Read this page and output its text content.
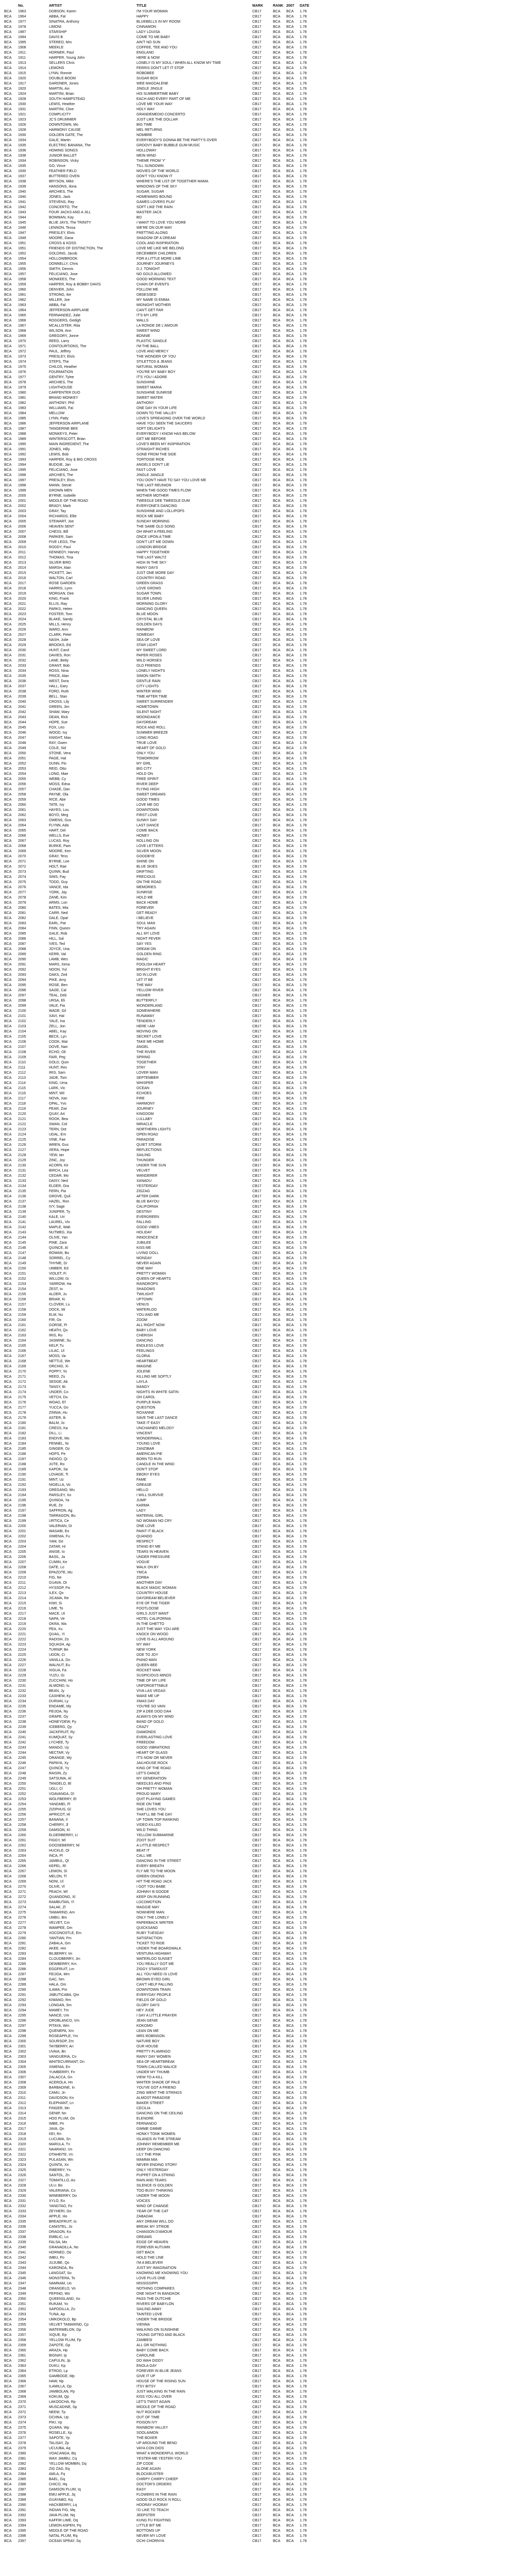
No.	ARTIST	TITLE	MARK	RANK 2007	DATE
BCA	1963	DOBSON, Karen	I'M YOUR WOMAN	CB17	BCA	BCA	1.78
BCA	1964	ABBA, Fal	HAPPY	CB17	BCA	BCA	1.78
BCA	1977	SINATRA, Anthony	BLUEBELLS IN MY ROOM	CB17	BCA	BCA	1.78
BCA	1978	LIMONI	CINNAMON	CB17	BCA	BCA	1.78
BCA	1987	STARSHIP	LADY LOUISA	CB17	BCA	BCA	1.78
BCA	1994	DAVIS B	COME TO ME BABY	CB17	BCA	BCA	1.78
BCA	1995	STEREO, Mrs	AIN'T NO SUN	CB17	BCA	BCA	1.78
BCA	1908	MEEKLE	COFFEE, TEE AND YOU	CB17	BCA	BCA	1.78
BCA	1911	HORNER, Paul	ENGLAND	CB17	BCA	BCA	1.78
BCA	1911	HARPER, Young John	HERE & NOW	CB17	BCA	BCA	1.78
BCA	1913	SELLERS Chris	LONELY IS MY SOUL / WHEN ALL KNOW MY TIME	CB17	BCA	BCA	1.78
BCA	1914	LEMONS	FERRIS DON'T LET IT STOP	CB17	BCA	BCA	1.78
BCA	1915	LYNN, Ronnie	ROBOBEE	CB17	BCA	BCA	1.78
BCA	1920	DOUBLE BOOM	SUGAR BOX	CB17	BCA	BCA	1.78
BCA	1917	GARDNER, Jones	WEE MAGDALENE	CB17	BCA	BCA	1.78
BCA	1920	MARTIN, Avi	JINGLE JINGLE	CB17	BCA	BCA	1.78
BCA	1924	MARTINI, Brian	HIS SUMMERTIME BABY	CB17	BCA	BCA	1.78
BCA	1928	SOUTH HAMPSTEAD	EACH AND EVERY PART OF ME	CB17	BCA	BCA	1.78
BCA	1930	LEWIS, Heather	LOVE ME YOUR WAY	CB17	BCA	BCA	1.78
BCA	1931	MARTINI, Clive	HOLY WAY	CB17	BCA	BCA	1.78
BCA	1921	COMPLICITY	GRANDEMEDIO CONCERTO	CB17	BCA	BCA	1.78
BCA	1923	JC'S DRUMMER	JUST LIKE THE DOLLAR	CB17	BCA	BCA	1.78
BCA	1926	DOWNTOWN, Mo	BIG TIME	CB17	BCA	BCA	1.78
BCA	1928	HARMONY CAUSE	MEL RETURNS	CB17	BCA	BCA	1.78
BCA	1930	GOLDEN GATE, The	NOMBRE	CB17	BCA	BCA	1.78
BCA	1934	GALE, Martin	EVERYBODY'S GONNA BE THE PARTY'S OVER	CB17	BCA	BCA	1.78
BCA	1935	ELECTRIC BANANA, The	GROOVY BABY BUBBLE GUM MUSIC	CB17	BCA	BCA	1.78
BCA	1936	HOMING SONGS	HOLLOWAY	CB17	BCA	BCA	1.78
BCA	1936	JUNIOR BALLET	MEIN WIND	CB17	BCA	BCA	1.78
BCA	1934	ROBINSON, Vicky	THEME FROM 'Y'	CB17	BCA	BCA	1.78
BCA	1935	GO, Vince	TILL SUNDOWN	CB17	BCA	BCA	1.78
BCA	1930	FEATHER FIELD	MOVIES OF THE WORLD	CB17	BCA	BCA	1.78
BCA	1937	BUTTERED OVEN	DON'T YOU KNOW IT	CB17	BCA	BCA	1.78
BCA	1938	BRYSON, Mike	WHERE'S THE LIST OF TOGETHER MAMA	CB17	BCA	BCA	1.78
BCA	1939	HANSONS, Ilona	WINDOWS OF THE SKY	CB17	BCA	BCA	1.78
BCA	1940	ARCHIES, The	SUGAR, SUGAR	CB17	BCA	BCA	1.78
BCA	1940	JONES, Jack	HOMEWARD BOUND	CB17	BCA	BCA	1.78
BCA	1941	STEVENS, Ray	GAMES LOVERS PLAY	CB17	BCA	BCA	1.78
BCA	1942	CONCERTO, The	SOFT LIKE THE RAIN	CB17	BCA	BCA	1.78
BCA	1943	FOUR JACKS AND A JILL	MASTER JACK	CB17	BCA	BCA	1.78
BCA	1944	BOWMAN, Kay	BO	CB17	BCA	BCA	1.78
BCA	1945	BLUE JAYS, The TRINITY	I WANT TO LOVE YOU MORE	CB17	BCA	BCA	1.78
BCA	1946	LENNON, Tessa	WE'RE ON OUR WAY	CB17	BCA	BCA	1.78
BCA	1947	PRESLEY, Elvis	FRETTING ALONG	CB17	BCA	BCA	1.78
BCA	1949	MOORE, Dana	SHADOW OF A DREAM	CB17	BCA	BCA	1.78
BCA	1951	CROSS & KOSS	COOL AND INSPIRATION	CB17	BCA	BCA	1.78
BCA	1951	FRIENDS OF DISTINCTION, The	LOVE ME LIKE WE BELONG	CB17	BCA	BCA	1.78
BCA	1952	GOLDING, Jacob	DECEMBER CHILDREN	CB17	BCA	BCA	1.78
BCA	1954	HOLLOWBROOK	FOR A LITTLE MORE LIME	CB17	BCA	BCA	1.78
BCA	1955	DONNELLY, Chris	JOURNEY JOURNEYS	CB17	BCA	BCA	1.78
BCA	1956	SMITH, Dennis	D.J. TONIGHT	CB17	BCA	BCA	1.78
BCA	1957	FELICIANO, Jose	NO GOLD ALLOWED	CB17	BCA	BCA	1.78
BCA	1958	MONKEES, The	GOOD MORNING TEXT	CB17	BCA	BCA	1.78
BCA	1959	HARPER, Roy & BOBBY DAVIS	CHAIN OF EVENTS	CB17	BCA	BCA	1.78
BCA	1960	DENVER, John	FOLLOW ME	CB17	BCA	BCA	1.78
BCA	1961	STRONG, Ike	OBSESSED	CB17	BCA	BCA	1.78
BCA	1962	MILLER, Joe	MY NAME IS EMMA	CB17	BCA	BCA	1.78
BCA	1963	ABBA, Fal	MIDNIGHT MOTHER	CB17	BCA	BCA	1.78
BCA	1964	JEFFERSON AIRPLANE	CAN'T GET FAR	CB17	BCA	BCA	1.78
BCA	1965	FERNANDEZ, Julie	IT'S MY LIFE	CB17	BCA	BCA	1.78
BCA	1966	ROGGERS, Gedigh	WALLS	CB17	BCA	BCA	1.78
BCA	1967	MCALLISTER, Rita	LA RONDE DE L'AMOUR	CB17	BCA	BCA	1.78
BCA	1968	WILSON, Ann	SWEET WIND	CB17	BCA	BCA	1.78
BCA	1969	GREGORY, Jonne	BONNIE	CB17	BCA	BCA	1.78
BCA	1970	REED, Larry	PLASTIC SANDLE	CB17	BCA	BCA	1.78
BCA	1971	CONTOURTIONS, The	I'M THE BALL	CB17	BCA	BCA	1.78
BCA	1972	PAUL, Jeffrey	LOVE AND MERCY	CB17	BCA	BCA	1.78
BCA	1973	PRESLEY, Elvis	THE WONDER OF YOU	CB17	BCA	BCA	1.78
BCA	1974	STEPS, The	STILETTOS & JEANS	CB17	BCA	BCA	1.78
BCA	1975	CHILDS, Heather	NATURAL WOMAN	CB17	BCA	BCA	1.78
BCA	1976	FOURMATION	YOU'RE MY BABY BOY	CB17	BCA	BCA	1.78
BCA	1977	GENTRY, Tylee	IT'S YOU I ADORE	CB17	BCA	BCA	1.78
BCA	1978	ARCHIES, The	SUNSHINE	CB17	BCA	BCA	1.78
BCA	1979	LIGHTHOUSE	SWEET MARIA	CB17	BCA	BCA	1.78
BCA	1980	CARPENTER DUO	SUNSHINE SUNRISE	CB17	BCA	BCA	1.78
BCA	1981	BRAND MONKEY	SWEET WATER	CB17	BCA	BCA	1.78
BCA	1982	ANTHONY, Phil	ANTHONY	CB17	BCA	BCA	1.78
BCA	1983	WILLIAMS, Fai	ONE DAY IN YOUR LIFE	CB17	BCA	BCA	1.78
BCA	1984	MELLOW	DOWN TO THE VALLEY	CB17	BCA	BCA	1.78
BCA	1985	LYNN, Patty	LOVE'S SPREADING OVER THE WORLD	CB17	BCA	BCA	1.78
BCA	1986	JEFFERSON AIRPLANE	HAVE YOU SEEN THE SAUCERS	CB17	BCA	BCA	1.78
BCA	1987	TANGERINE BEE	SOFT DELIGHTS	CB17	BCA	BCA	1.78
BCA	1988	MONKEYS, Peter	EVERYBODY I KNOW HAS BELOW	CB17	BCA	BCA	1.78
BCA	1989	WINTERSCOTT, Brian	GET ME BEFORE	CB17	BCA	BCA	1.78
BCA	1990	MAIN INGREDIENT, The	LOVE'S BEEN MY INSPIRATION	CB17	BCA	BCA	1.78
BCA	1991	JONES, Hilly	STRAIGHT RICHES	CB17	BCA	BCA	1.78
BCA	1992	LEWIS, Bob	GONE FROM THE SIDE	CB17	BCA	BCA	1.78
BCA	1993	HARPER, Roy & BIG CROSS	TORTOISE RIDE	CB17	BCA	BCA	1.78
BCA	1994	BUDGIE, Jan	ANGELS DON'T LIE	CB17	BCA	BCA	1.78
BCA	1995	FELICIANO, Jose	FAST LOVE	CB17	BCA	BCA	1.78
BCA	1996	ARCHIES, The	JINGLE JANGLE	CB17	BCA	BCA	1.78
BCA	1997	PRESLEY, Elvis	YOU DON'T HAVE TO SAY YOU LOVE ME	CB17	BCA	BCA	1.78
BCA	1998	MANN, Stevie	THE LAST REUNION	CB17	BCA	BCA	1.78
BCA	1999	GROWN MEN	WHEN THE GOOD TIMES FLOW	CB17	BCA	BCA	1.78
BCA	2000	BYRNE, Isobelle	MOTHER MOTHER	CB17	BCA	BCA	1.78
BCA	2001	MIDDLE OF THE ROAD	TWEEDLE DEE TWEEDLE DUM	CB17	BCA	BCA	1.78
BCA	2002	BRADY, Mark	EVERYONE'S DANCING	CB17	BCA	BCA	1.78
BCA	2003	GRAY, Tay	SUNSHINE AND LOLLIPOPS	CB17	BCA	BCA	1.78
BCA	2004	RICHARDS, Ellie	ROCK ME BABY	CB17	BCA	BCA	1.78
BCA	2005	STEWART, Joe	SUNDAY MORNING	CB17	BCA	BCA	1.78
BCA	2006	HEAVEN SENT	THE SAME OLD SONG	CB17	BCA	BCA	1.78
BCA	2007	CHESS, Bill	OH WHAT A FEELING	CB17	BCA	BCA	1.78
BCA	2008	PARKER, Sam	ONCE UPON A TIME	CB17	BCA	BCA	1.78
BCA	2009	FIVE LEGS, The	DON'T LET ME DOWN	CB17	BCA	BCA	1.78
BCA	2010	RODDY, Paul	LONDON BRIDGE	CB17	BCA	BCA	1.78
BCA	2011	KENNEDY, Harvey	HAPPY TOGETHER	CB17	BCA	BCA	1.78
BCA	2012	THOMAS, Tina	THE LAST WALTZ	CB17	BCA	BCA	1.78
BCA	2013	SILVER BIRD	HIGH IN THE SKY	CB17	BCA	BCA	1.78
BCA	2014	MARSH, Alan	RAINY DAYS	CB17	BCA	BCA	1.78
BCA	2015	PICKETT, Jan	JUST ONE MORE DAY	CB17	BCA	BCA	1.78
BCA	2016	WALTON, Carl	COUNTRY ROAD	CB17	BCA	BCA	1.78
BCA	2017	ROSE GARDEN	GREEN GRASS	CB17	BCA	BCA	1.78
BCA	2018	HARRIS, Lynn	LOVE GROWS	CB17	BCA	BCA	1.78
BCA	2019	MORGAN, Dee	SUGAR TOWN	CB17	BCA	BCA	1.78
BCA	2020	KING, Frank	SILVER LINING	CB17	BCA	BCA	1.78
BCA	2021	ELLIS, Ray	MORNING GLORY	CB17	BCA	BCA	1.78
BCA	2022	PARKS, Helen	DANCING QUEEN	CB17	BCA	BCA	1.78
BCA	2023	FOSTER, Tom	BLUE MOON	CB17	BCA	BCA	1.78
BCA	2024	BLAKE, Sandy	CRYSTAL BLUE	CB17	BCA	BCA	1.78
BCA	2025	MILLS, Henry	GOLDEN DAYS	CB17	BCA	BCA	1.78
BCA	2026	WARD, Ann	RAINBOW	CB17	BCA	BCA	1.78
BCA	2027	CLARK, Peter	SOMEDAY	CB17	BCA	BCA	1.78
BCA	2028	NASH, Julie	SEA OF LOVE	CB17	BCA	BCA	1.78
BCA	2029	BROOKS, Ed	STAR LIGHT	CB17	BCA	BCA	1.78
BCA	2030	HUNT, Carol	MY SWEET LORD	CB17	BCA	BCA	1.78
BCA	2031	DAVIES, Ron	PAPER ROSES	CB17	BCA	BCA	1.78
BCA	2032	LANE, Betty	WILD HORSES	CB17	BCA	BCA	1.78
BCA	2033	GRANT, Bob	OLD FRIENDS	CB17	BCA	BCA	1.78
BCA	2034	ROSS, Nina	LONELY NIGHTS	CB17	BCA	BCA	1.78
BCA	2035	PRICE, Alan	SIMON SMITH	CB17	BCA	BCA	1.78
BCA	2036	WEST, Dora	GENTLE RAIN	CB17	BCA	BCA	1.78
BCA	2037	HALL, Gary	CITY LIGHTS	CB17	BCA	BCA	1.78
BCA	2038	FORD, Ruth	WINTER WIND	CB17	BCA	BCA	1.78
BCA	2039	BELL, Stan	TIME AFTER TIME	CB17	BCA	BCA	1.78
BCA	2040	CROSS, Lily	SWEET SURRENDER	CB17	BCA	BCA	1.78
BCA	2041	GREEN, Jim	HOMETOWN	CB17	BCA	BCA	1.78
BCA	2042	SHAW, Mary	SILENT NIGHT	CB17	BCA	BCA	1.78
BCA	2043	DEAN, Rick	MOONDANCE	CB17	BCA	BCA	1.78
BCA	2044	HOPE, Sue	DAYDREAM	CB17	BCA	BCA	1.78
BCA	2045	FOX, Leo	ROCK AND ROLL	CB17	BCA	BCA	1.78
BCA	2046	WOOD, Ivy	SUMMER BREEZE	CB17	BCA	BCA	1.78
BCA	2047	KNIGHT, Max	LONG ROAD	CB17	BCA	BCA	1.78
BCA	2048	RAY, Gwen	TRUE LOVE	CB17	BCA	BCA	1.78
BCA	2049	COLE, Sid	HEART OF GOLD	CB17	BCA	BCA	1.78
BCA	2050	STONE, Vera	ONLY YOU	CB17	BCA	BCA	1.78
BCA	2051	PAGE, Hal	TOMORROW	CB17	BCA	BCA	1.78
BCA	2052	DUNN, Flo	MY GIRL	CB17	BCA	BCA	1.78
BCA	2053	REID, Otto	BIG CITY	CB17	BCA	BCA	1.78
BCA	2054	LONG, Mae	HOLD ON	CB17	BCA	BCA	1.78
BCA	2055	WEBB, Cy	FREE SPIRIT	CB17	BCA	BCA	1.78
BCA	2056	MOSS, Edna	RIVER DEEP	CB17	BCA	BCA	1.78
BCA	2057	CHASE, Dan	FLYING HIGH	CB17	BCA	BCA	1.78
BCA	2058	PAYNE, Ola	SWEET DREAMS	CB17	BCA	BCA	1.78
BCA	2059	RICE, Abe	GOOD TIMES	CB17	BCA	BCA	1.78
BCA	2060	TATE, Ivy	LOVE ME DO	CB17	BCA	BCA	1.78
BCA	2061	HAYES, Lou	DOWNTOWN	CB17	BCA	BCA	1.78
BCA	2062	BOYD, Meg	FIRST LOVE	CB17	BCA	BCA	1.78
BCA	2063	OWENS, Gus	SUNNY DAY	CB17	BCA	BCA	1.78
BCA	2064	FLYNN, Ada	LAST DANCE	CB17	BCA	BCA	1.78
BCA	2065	HART, Del	COME BACK	CB17	BCA	BCA	1.78
BCA	2066	WELLS, Eve	HONEY	CB17	BCA	BCA	1.78
BCA	2067	LUCAS, Roy	ROLLING ON	CB17	BCA	BCA	1.78
BCA	2068	BURKE, Pam	LOVE LETTERS	CB17	BCA	BCA	1.78
BCA	2069	MOORE, Ken	SILVER MOON	CB17	BCA	BCA	1.78
BCA	2070	GRAY, Tess	GOODBYE	CB17	BCA	BCA	1.78
BCA	2071	BYRNE, Lee	SHINE ON	CB17	BCA	BCA	1.78
BCA	2072	HOLT, Rae	BLUE SKIES	CB17	BCA	BCA	1.78
BCA	2073	QUINN, Bud	DRIFTING	CB17	BCA	BCA	1.78
BCA	2074	SIMS, Fay	PRECIOUS	CB17	BCA	BCA	1.78
BCA	2075	TODD, Guy	ON THE ROAD	CB17	BCA	BCA	1.78
BCA	2076	VANCE, Ida	MEMORIES	CB17	BCA	BCA	1.78
BCA	2077	YORK, Jay	SUNRISE	CB17	BCA	BCA	1.78
BCA	2078	ZANE, Kim	HOLD ME	CB17	BCA	BCA	1.78
BCA	2079	ARMS, Lon	BACK HOME	CB17	BCA	BCA	1.78
BCA	2080	BATES, Mia	FOREVER	CB17	BCA	BCA	1.78
BCA	2081	CARR, Ned	GET READY	CB17	BCA	BCA	1.78
BCA	2082	DALE, Opal	I BELIEVE	CB17	BCA	BCA	1.78
BCA	2083	EARL, Pat	SOUL MAN	CB17	BCA	BCA	1.78
BCA	2084	FINN, Queen	TRY AGAIN	CB17	BCA	BCA	1.78
BCA	2085	GALE, Rob	ALL MY LOVE	CB17	BCA	BCA	1.78
BCA	2086	HILL, Sal	NIGHT FEVER	CB17	BCA	BCA	1.78
BCA	2087	IVES, Ted	SAY YES	CB17	BCA	BCA	1.78
BCA	2088	JOYCE, Una	DREAM ON	CB17	BCA	BCA	1.78
BCA	2089	KERR, Val	GOLDEN RING	CB17	BCA	BCA	1.78
BCA	2090	LAMB, Wes	MAGIC	CB17	BCA	BCA	1.78
BCA	2091	MARS, Xena	FOOLISH HEART	CB17	BCA	BCA	1.78
BCA	2092	NOON, Yul	BRIGHT EYES	CB17	BCA	BCA	1.78
BCA	2093	OAKS, Zed	SO IN LOVE	CB17	BCA	BCA	1.78
BCA	2094	PIKE, Amy	LET IT BE	CB17	BCA	BCA	1.78
BCA	2095	ROSE, Ben	THE WAY	CB17	BCA	BCA	1.78
BCA	2096	SAGE, Cal	YELLOW RIVER	CB17	BCA	BCA	1.78
BCA	2097	TEAL, Deb	HIGHER	CB17	BCA	BCA	1.78
BCA	2098	URSA, Eli	BUTTERFLY	CB17	BCA	BCA	1.78
BCA	2099	VALE, Fia	WONDERLAND	CB17	BCA	BCA	1.78
BCA	2100	WADE, Gil	SOMEWHERE	CB17	BCA	BCA	1.78
BCA	2101	XAVI, Hal	RUNAWAY	CB17	BCA	BCA	1.78
BCA	2102	YALE, Ina	TENDERLY	CB17	BCA	BCA	1.78
BCA	2103	ZELL, Jon	HERE I AM	CB17	BCA	BCA	1.78
BCA	2104	ABEL, Kay	MOVING ON	CB17	BCA	BCA	1.78
BCA	2105	BECK, Lyn	SECRET LOVE	CB17	BCA	BCA	1.78
BCA	2106	COOK, Mat	TAKE ME HOME	CB17	BCA	BCA	1.78
BCA	2107	DOVE, Nan	ANGEL	CB17	BCA	BCA	1.78
BCA	2108	ECHO, Oli	THE RIVER	CB17	BCA	BCA	1.78
BCA	2109	FAIR, Peg	SPRING	CB17	BCA	BCA	1.78
BCA	2110	GOLD, Quin	TOGETHER	CB17	BCA	BCA	1.78
BCA	2111	HUNT, Rex	STAY	CB17	BCA	BCA	1.78
BCA	2112	IRIS, Sam	LOVER MAN	CB17	BCA	BCA	1.78
BCA	2113	JADE, Tom	SEPTEMBER	CB17	BCA	BCA	1.78
BCA	2114	KING, Uma	WHISPER	CB17	BCA	BCA	1.78
BCA	2115	LARK, Vic	OCEAN	CB17	BCA	BCA	1.78
BCA	2116	MINT, Wil	ECHOES	CB17	BCA	BCA	1.78
BCA	2117	NOVA, Xan	FIRE	CB17	BCA	BCA	1.78
BCA	2118	OPAL, Yvo	HARMONY	CB17	BCA	BCA	1.78
BCA	2119	PEAR, Zoe	JOURNEY	CB17	BCA	BCA	1.78
BCA	2120	QUAY, Art	KINGDOM	CB17	BCA	BCA	1.78
BCA	2121	ROOK, Bea	LULLABY	CB17	BCA	BCA	1.78
BCA	2122	SWAN, Cid	MIRACLE	CB17	BCA	BCA	1.78
BCA	2123	TERN, Dot	NORTHERN LIGHTS	CB17	BCA	BCA	1.78
BCA	2124	UDAL, Ern	OPEN ROAD	CB17	BCA	BCA	1.78
BCA	2125	VINE, Fae	PARADISE	CB17	BCA	BCA	1.78
BCA	2126	WREN, Gus	QUIET STORM	CB17	BCA	BCA	1.78
BCA	2127	XERA, Hope	REFLECTIONS	CB17	BCA	BCA	1.78
BCA	2128	YEW, Ian	SAILING	CB17	BCA	BCA	1.78
BCA	2129	ZINC, Joy	THUNDER	CB17	BCA	BCA	1.78
BCA	2130	ACORN, Kit	UNDER THE SUN	CB17	BCA	BCA	1.78
BCA	2131	BIRCH, Lea	VELVET	CB17	BCA	BCA	1.78
BCA	2132	CEDAR, Mo	WANDERER	CB17	BCA	BCA	1.78
BCA	2133	DAISY, Ned	XANADU	CB17	BCA	BCA	1.78
BCA	2134	ELDER, Ora	YESTERDAY	CB17	BCA	BCA	1.78
BCA	2135	FERN, Pia	ZIGZAG	CB17	BCA	BCA	1.78
BCA	2136	GROVE, Quil	AFTER DARK	CB17	BCA	BCA	1.78
BCA	2137	HAZEL, Ron	BLUE BAYOU	CB17	BCA	BCA	1.78
BCA	2138	IVY, Sage	CALIFORNIA	CB17	BCA	BCA	1.78
BCA	2139	JUNIPER, Ty	DESTINY	CB17	BCA	BCA	1.78
BCA	2140	KALE, Uri	EVERGREEN	CB17	BCA	BCA	1.78
BCA	2141	LAUREL, Viv	FALLING	CB17	BCA	BCA	1.78
BCA	2142	MAPLE, Walt	GOOD VIBES	CB17	BCA	BCA	1.78
BCA	2143	NUTMEG, Xia	HOLIDAY	CB17	BCA	BCA	1.78
BCA	2144	OLIVE, Yan	INNOCENCE	CB17	BCA	BCA	1.78
BCA	2145	PINE, Zara	JUBILEE	CB17	BCA	BCA	1.78
BCA	2146	QUINCE, Al	KISS ME	CB17	BCA	BCA	1.78
BCA	2147	ROWAN, Bo	LIVING DOLL	CB17	BCA	BCA	1.78
BCA	2148	SORREL, Cy	MONDAY	CB17	BCA	BCA	1.78
BCA	2149	THYME, Di	NEVER AGAIN	CB17	BCA	BCA	1.78
BCA	2150	UMBER, Ed	ONE WAY	CB17	BCA	BCA	1.78
BCA	2151	VIOLET, Fi	PRETTY WOMAN	CB17	BCA	BCA	1.78
BCA	2152	WILLOW, Gi	QUEEN OF HEARTS	CB17	BCA	BCA	1.78
BCA	2153	YARROW, Ha	RAINDROPS	CB17	BCA	BCA	1.78
BCA	2154	ZEST, Io	SHADOWS	CB17	BCA	BCA	1.78
BCA	2155	ALDER, Ju	TWILIGHT	CB17	BCA	BCA	1.78
BCA	2156	BRIAR, Ki	UPTOWN	CB17	BCA	BCA	1.78
BCA	2157	CLOVER, Lu	VENUS	CB17	BCA	BCA	1.78
BCA	2158	DOCK, Mi	WATERLOO	CB17	BCA	BCA	1.78
BCA	2159	ELM, Nu	YOU AND ME	CB17	BCA	BCA	1.78
BCA	2160	FIR, Ox	ZOOM	CB17	BCA	BCA	1.78
BCA	2161	GORSE, Pi	ALL RIGHT NOW	CB17	BCA	BCA	1.78
BCA	2162	HEATH, Qu	BABY LOVE	CB17	BCA	BCA	1.78
BCA	2163	IRIS, Ru	CHERISH	CB17	BCA	BCA	1.78
BCA	2164	JASMINE, Su	DANCING	CB17	BCA	BCA	1.78
BCA	2165	KELP, Tu	ENDLESS LOVE	CB17	BCA	BCA	1.78
BCA	2166	LILAC, Ul	FEELINGS	CB17	BCA	BCA	1.78
BCA	2167	MOSS, Va	GLORIA	CB17	BCA	BCA	1.78
BCA	2168	NETTLE, We	HEARTBEAT	CB17	BCA	BCA	1.78
BCA	2169	ORCHID, Xi	IMAGINE	CB17	BCA	BCA	1.78
BCA	2170	POPPY, Yo	JOLENE	CB17	BCA	BCA	1.78
BCA	2171	REED, Zu	KILLING ME SOFTLY	CB17	BCA	BCA	1.78
BCA	2172	SEDGE, Ab	LAYLA	CB17	BCA	BCA	1.78
BCA	2173	TANSY, Bi	MANDY	CB17	BCA	BCA	1.78
BCA	2174	UNDER, Co	NIGHTS IN WHITE SATIN	CB17	BCA	BCA	1.78
BCA	2175	VETCH, Du	OH CAROL	CB17	BCA	BCA	1.78
BCA	2176	WOAD, Ef	PURPLE RAIN	CB17	BCA	BCA	1.78
BCA	2177	YUCCA, Go	QUESTION	CB17	BCA	BCA	1.78
BCA	2178	ZINNIA, Hu	ROXANNE	CB17	BCA	BCA	1.78
BCA	2179	ASTER, Ik	SAVE THE LAST DANCE	CB17	BCA	BCA	1.78
BCA	2180	BALM, Jo	TAKE IT EASY	CB17	BCA	BCA	1.78
BCA	2181	CRESS, Ka	UNCHAINED MELODY	CB17	BCA	BCA	1.78
BCA	2182	DILL, Li	VINCENT	CB17	BCA	BCA	1.78
BCA	2183	ENDIVE, Mo	WONDERWALL	CB17	BCA	BCA	1.78
BCA	2184	FENNEL, Ni	YOUNG LOVE	CB17	BCA	BCA	1.78
BCA	2185	GINGER, Oz	ZANZIBAR	CB17	BCA	BCA	1.78
BCA	2186	HOPS, Pe	AMERICAN PIE	CB17	BCA	BCA	1.78
BCA	2187	INDIGO, Qi	BORN TO RUN	CB17	BCA	BCA	1.78
BCA	2188	JUTE, Ro	CANDLE IN THE WIND	CB17	BCA	BCA	1.78
BCA	2189	KAPOK, Sa	DON'T STOP	CB17	BCA	BCA	1.78
BCA	2190	LOVAGE, Ti	EBONY EYES	CB17	BCA	BCA	1.78
BCA	2191	MINT, Uz	FAME	CB17	BCA	BCA	1.78
BCA	2192	NIGELLA, Vo	GREASE	CB17	BCA	BCA	1.78
BCA	2193	OREGANO, Wu	HELLO	CB17	BCA	BCA	1.78
BCA	2194	PARSLEY, Xo	I WILL SURVIVE	CB17	BCA	BCA	1.78
BCA	2195	QUINOA, Ya	JUMP	CB17	BCA	BCA	1.78
BCA	2196	RUE, Ze	KARMA	CB17	BCA	BCA	1.78
BCA	2197	SAFFRON, Ag	LADY	CB17	BCA	BCA	1.78
BCA	2198	TARRAGON, Bu	MATERIAL GIRL	CB17	BCA	BCA	1.78
BCA	2199	URTICA, Ce	NO WOMAN NO CRY	CB17	BCA	BCA	1.78
BCA	2200	VALERIAN, Di	ONE LOVE	CB17	BCA	BCA	1.78
BCA	2201	WASABI, Eo	PAINT IT BLACK	CB17	BCA	BCA	1.78
BCA	2202	XIMENIA, Fu	QUANDO	CB17	BCA	BCA	1.78
BCA	2203	YAM, Ge	RESPECT	CB17	BCA	BCA	1.78
BCA	2204	ZATAR, Hi	STAND BY ME	CB17	BCA	BCA	1.78
BCA	2205	ANISE, Io	TEARS IN HEAVEN	CB17	BCA	BCA	1.78
BCA	2206	BASIL, Ja	UNDER PRESSURE	CB17	BCA	BCA	1.78
BCA	2207	CUMIN, Ke	VOGUE	CB17	BCA	BCA	1.78
BCA	2208	DATE, Lo	WALK ON BY	CB17	BCA	BCA	1.78
BCA	2209	EPAZOTE, Mu	YMCA	CB17	BCA	BCA	1.78
BCA	2210	FIG, Ne	ZORBA	CB17	BCA	BCA	1.78
BCA	2211	GUAVA, Ot	ANOTHER DAY	CB17	BCA	BCA	1.78
BCA	2212	HYSSOP, Pa	BLACK MAGIC WOMAN	CB17	BCA	BCA	1.78
BCA	2213	ILEX, Qo	COUNTRY HOUSE	CB17	BCA	BCA	1.78
BCA	2214	JICAMA, Re	DAYDREAM BELIEVER	CB17	BCA	BCA	1.78
BCA	2215	KIWI, Si	EYE OF THE TIGER	CB17	BCA	BCA	1.78
BCA	2216	LIME, To	FOOTLOOSE	CB17	BCA	BCA	1.78
BCA	2217	MACE, Ut	GIRLS JUST WANT	CB17	BCA	BCA	1.78
BCA	2218	NAPA, Ve	HOTEL CALIFORNIA	CB17	BCA	BCA	1.78
BCA	2219	OKRA, Wa	IN THE GHETTO	CB17	BCA	BCA	1.78
BCA	2220	PEA, Xu	JUST THE WAY YOU ARE	CB17	BCA	BCA	1.78
BCA	2221	QUAIL, Yi	KNOCK ON WOOD	CB17	BCA	BCA	1.78
BCA	2222	RADISH, Zo	LOVE IS ALL AROUND	CB17	BCA	BCA	1.78
BCA	2223	SQUASH, Ap	MY WAY	CB17	BCA	BCA	1.78
BCA	2224	TURNIP, Be	NEW YORK	CB17	BCA	BCA	1.78
BCA	2225	UDON, Ci	ODE TO JOY	CB17	BCA	BCA	1.78
BCA	2226	VANILLA, Do	PIANO MAN	CB17	BCA	BCA	1.78
BCA	2227	WALNUT, Eu	QUEEN BEE	CB17	BCA	BCA	1.78
BCA	2228	XIGUA, Fa	ROCKET MAN	CB17	BCA	BCA	1.78
BCA	2229	YUZU, Gi	SUSPICIOUS MINDS	CB17	BCA	BCA	1.78
BCA	2230	ZUCCHINI, Ho	TIME OF MY LIFE	CB17	BCA	BCA	1.78
BCA	2231	ALMOND, Iu	UNFORGETTABLE	CB17	BCA	BCA	1.78
BCA	2232	BEAN, Jy	VIVA LAS VEGAS	CB17	BCA	BCA	1.78
BCA	2233	CASHEW, Ky	WAKE ME UP	CB17	BCA	BCA	1.78
BCA	2234	DURIAN, Ly	XMAS DAY	CB17	BCA	BCA	1.78
BCA	2235	ENDAME, My	YOU'RE SO VAIN	CB17	BCA	BCA	1.78
BCA	2236	FEIJOA, Ny	ZIP A DEE DOO DAH	CB17	BCA	BCA	1.78
BCA	2237	GRAPE, Oy	ALWAYS ON MY MIND	CB17	BCA	BCA	1.78
BCA	2238	HONEYDEW, Py	BAND OF GOLD	CB17	BCA	BCA	1.78
BCA	2239	ICEBERG, Qy	CRAZY	CB17	BCA	BCA	1.78
BCA	2240	JACKFRUIT, Ry	DIAMONDS	CB17	BCA	BCA	1.78
BCA	2241	KUMQUAT, Sy	EVERLASTING LOVE	CB17	BCA	BCA	1.78
BCA	2242	LYCHEE, Ty	FREEDOM	CB17	BCA	BCA	1.78
BCA	2243	MANGO, Uy	GOOD VIBRATIONS	CB17	BCA	BCA	1.78
BCA	2244	NECTAR, Vy	HEART OF GLASS	CB17	BCA	BCA	1.78
BCA	2245	ORANGE, Wy	IT'S NOW OR NEVER	CB17	BCA	BCA	1.78
BCA	2246	PAPAYA, Xy	JAILHOUSE ROCK	CB17	BCA	BCA	1.78
BCA	2247	QUINCE, Yy	KING OF THE ROAD	CB17	BCA	BCA	1.78
BCA	2248	RAISIN, Zy	LET'S DANCE	CB17	BCA	BCA	1.78
BCA	2249	SATSUMA, Al	MY GENERATION	CB17	BCA	BCA	1.78
BCA	2250	TANGELO, Bl	NEEDLES AND PINS	CB17	BCA	BCA	1.78
BCA	2251	UGLI, Cl	OH PRETTY WOMAN	CB17	BCA	BCA	1.78
BCA	2252	VOAVANGA, Dl	PROUD MARY	CB17	BCA	BCA	1.78
BCA	2253	WOLFBERRY, El	QUIT PLAYING GAMES	CB17	BCA	BCA	1.78
BCA	2254	YANGMEI, Fl	RIDE ON TIME	CB17	BCA	BCA	1.78
BCA	2255	ZIZIPHUS, Gl	SHE LOVES YOU	CB17	BCA	BCA	1.78
BCA	2256	APRICOT, Hl	THAT'LL BE THE DAY	CB17	BCA	BCA	1.78
BCA	2257	BANANA, Il	UP TOWN TOP RANKING	CB17	BCA	BCA	1.78
BCA	2258	CHERRY, Jl	VIDEO KILLED	CB17	BCA	BCA	1.78
BCA	2259	DAMSON, Kl	WILD THING	CB17	BCA	BCA	1.78
BCA	2260	ELDERBERRY, Ll	YELLOW SUBMARINE	CB17	BCA	BCA	1.78
BCA	2261	FIGGY, Ml	ZOOT SUIT	CB17	BCA	BCA	1.78
BCA	2262	GOOSEBERRY, Nl	A LITTLE RESPECT	CB17	BCA	BCA	1.78
BCA	2263	HUCKLE, Ol	BEAT IT	CB17	BCA	BCA	1.78
BCA	2264	INCA, Pl	CALL ME	CB17	BCA	BCA	1.78
BCA	2265	JAMBUL, Ql	DANCING IN THE STREET	CB17	BCA	BCA	1.78
BCA	2266	KEPEL, Rl	EVERY BREATH	CB17	BCA	BCA	1.78
BCA	2267	LEMON, Sl	FLY ME TO THE MOON	CB17	BCA	BCA	1.78
BCA	2268	MELON, Tl	GREEN ONIONS	CB17	BCA	BCA	1.78
BCA	2269	NONI, Ul	HIT THE ROAD JACK	CB17	BCA	BCA	1.78
BCA	2270	OLIVE, Vl	I GOT YOU BABE	CB17	BCA	BCA	1.78
BCA	2271	PEACH, Wl	JOHNNY B GOODE	CB17	BCA	BCA	1.78
BCA	2272	QUANDONG, Xl	KEEP ON RUNNING	CB17	BCA	BCA	1.78
BCA	2273	RAMBUTAN, Yl	LOCOMOTION	CB17	BCA	BCA	1.78
BCA	2274	SALAK, Zl	MAGGIE MAY	CB17	BCA	BCA	1.78
BCA	2275	TAMARIND, Am	NOWHERE MAN	CB17	BCA	BCA	1.78
BCA	2276	UMBU, Bm	ONLY THE LONELY	CB17	BCA	BCA	1.78
BCA	2277	VELVET, Cm	PAPERBACK WRITER	CB17	BCA	BCA	1.78
BCA	2278	WAMPEE, Dm	QUICKSAND	CB17	BCA	BCA	1.78
BCA	2279	XOCONOSTLE, Em	RUBY TUESDAY	CB17	BCA	BCA	1.78
BCA	2280	YANTIAN, Fm	SATISFACTION	CB17	BCA	BCA	1.78
BCA	2281	ZABALA, Gm	TICKET TO RIDE	CB17	BCA	BCA	1.78
BCA	2282	AKEE, Hm	UNDER THE BOARDWALK	CB17	BCA	BCA	1.78
BCA	2283	BILBERRY, Im	VENTURA HIGHWAY	CB17	BCA	BCA	1.78
BCA	2284	CLOUDBERRY, Jm	WATERLOO SUNSET	CB17	BCA	BCA	1.78
BCA	2285	DEWBERRY, Km	YOU REALLY GOT ME	CB17	BCA	BCA	1.78
BCA	2286	EGGFRUIT, Lm	ZIGGY STARDUST	CB17	BCA	BCA	1.78
BCA	2287	FEIJOA, Mm	ALL YOU NEED IS LOVE	CB17	BCA	BCA	1.78
BCA	2288	GAC, Nm	BROWN EYED GIRL	CB17	BCA	BCA	1.78
BCA	2289	HALA, Om	CAN'T HELP FALLING	CB17	BCA	BCA	1.78
BCA	2290	ILAMA, Pm	DOWNTOWN TRAIN	CB17	BCA	BCA	1.78
BCA	2291	JABUTICABA, Qm	EVERYDAY PEOPLE	CB17	BCA	BCA	1.78
BCA	2292	KIWANO, Rm	FIELDS OF GOLD	CB17	BCA	BCA	1.78
BCA	2293	LONGAN, Sm	GLORY DAYS	CB17	BCA	BCA	1.78
BCA	2294	MAMEY, Tm	HEY JUDE	CB17	BCA	BCA	1.78
BCA	2295	NANCE, Um	I SAY A LITTLE PRAYER	CB17	BCA	BCA	1.78
BCA	2296	OROBLANCO, Vm	JEAN GENIE	CB17	BCA	BCA	1.78
BCA	2297	PITAYA, Wm	KOKOMO	CB17	BCA	BCA	1.78
BCA	2298	QUENEPA, Xm	LEAN ON ME	CB17	BCA	BCA	1.78
BCA	2299	ROSEAPPLE, Ym	MRS ROBINSON	CB17	BCA	BCA	1.78
BCA	2300	SOURSOP, Zm	NATURE BOY	CB17	BCA	BCA	1.78
BCA	2301	TAYBERRY, An	OUR HOUSE	CB17	BCA	BCA	1.78
BCA	2302	UVAIA, Bn	PRETTY FLAMINGO	CB17	BCA	BCA	1.78
BCA	2303	VANGUERIA, Cn	RAINY DAY WOMEN	CB17	BCA	BCA	1.78
BCA	2304	WHITECURRANT, Dn	SEA OF HEARTBREAK	CB17	BCA	BCA	1.78
BCA	2305	XIMENIA, En	TOWN CALLED MALICE	CB17	BCA	BCA	1.78
BCA	2306	YUMBERRY, Fn	UNDER MY THUMB	CB17	BCA	BCA	1.78
BCA	2307	ZALACCA, Gn	VIEW TO A KILL	CB17	BCA	BCA	1.78
BCA	2308	ACEROLA, Hn	WHITER SHADE OF PALE	CB17	BCA	BCA	1.78
BCA	2309	BARBADINE, In	YOU'VE GOT A FRIEND	CB17	BCA	BCA	1.78
BCA	2310	CAMU, Jn	ZING WENT THE STRINGS	CB17	BCA	BCA	1.78
BCA	2311	DAVIDSON, Kn	ALMOST PARADISE	CB17	BCA	BCA	1.78
BCA	2312	ELEPHANT, Ln	BAKER STREET	CB17	BCA	BCA	1.78
BCA	2313	FINGER, Mn	CECILIA	CB17	BCA	BCA	1.78
BCA	2314	GENIP, Nn	DANCING ON THE CEILING	CB17	BCA	BCA	1.78
BCA	2315	HOG PLUM, On	ELENORE	CB17	BCA	BCA	1.78
BCA	2316	IMBE, Pn	FERNANDO	CB17	BCA	BCA	1.78
BCA	2317	JAVA, Qn	GIMME GIMME	CB17	BCA	BCA	1.78
BCA	2318	KEI, Rn	HONKY TONK WOMEN	CB17	BCA	BCA	1.78
BCA	2319	LUCUMA, Sn	ISLANDS IN THE STREAM	CB17	BCA	BCA	1.78
BCA	2320	MARULA, Tn	JOHNNY REMEMBER ME	CB17	BCA	BCA	1.78
BCA	2321	NAARANJ, Un	KEEP ON DANCING	CB17	BCA	BCA	1.78
BCA	2322	OTAHEITE, Vn	LILY THE PINK	CB17	BCA	BCA	1.78
BCA	2323	PULASAN, Wn	MAMMA MIA	CB17	BCA	BCA	1.78
BCA	2324	QUINTA, Xn	NEVER ENDING STORY	CB17	BCA	BCA	1.78
BCA	2325	RIBERRY, Yn	ONLY YESTERDAY	CB17	BCA	BCA	1.78
BCA	2326	SANTOL, Zn	PUPPET ON A STRING	CB17	BCA	BCA	1.78
BCA	2327	TOMATILLO, Ao	RAIN AND TEARS	CB17	BCA	BCA	1.78
BCA	2328	ULU, Bo	SILENCE IS GOLDEN	CB17	BCA	BCA	1.78
BCA	2329	VALERIANA, Co	TOO BUSY THINKING	CB17	BCA	BCA	1.78
BCA	2330	WINEBERRY, Do	UNDER THE MOON	CB17	BCA	BCA	1.78
BCA	2331	XYLO, Eo	VOICES	CB17	BCA	BCA	1.78
BCA	2332	YANGTAO, Fo	WIND OF CHANGE	CB17	BCA	BCA	1.78
BCA	2333	ZEYHERI, Go	YEAR OF THE CAT	CB17	BCA	BCA	1.78
BCA	2334	APPLE, Ho	ZABADAK	CB17	BCA	BCA	1.78
BCA	2335	BREADFRUIT, Io	ANY DREAM WILL DO	CB17	BCA	BCA	1.78
BCA	2336	CANISTEL, Jo	BREAK MY STRIDE	CB17	BCA	BCA	1.78
BCA	2337	DRAGON, Ko	CHANSON D'AMOUR	CB17	BCA	BCA	1.78
BCA	2338	EMBLIC, Lo	DREAMS	CB17	BCA	BCA	1.78
BCA	2339	FALSA, Mo	EDGE OF HEAVEN	CB17	BCA	BCA	1.78
BCA	2340	GRANADILLA, No	FOREVER AUTUMN	CB17	BCA	BCA	1.78
BCA	2341	HORNED, Oo	GET BACK	CB17	BCA	BCA	1.78
BCA	2342	IMBU, Po	HOLD THE LINE	CB17	BCA	BCA	1.78
BCA	2343	JUJUBE, Qo	I'M A BELIEVER	CB17	BCA	BCA	1.78
BCA	2344	KARONDA, Ro	JUST MY IMAGINATION	CB17	BCA	BCA	1.78
BCA	2345	LANGSAT, So	KNOWING ME KNOWING YOU	CB17	BCA	BCA	1.78
BCA	2346	MONSTERA, To	LOVE PLUS ONE	CB17	BCA	BCA	1.78
BCA	2347	NAMNAM, Uo	MISSISSIPPI	CB17	BCA	BCA	1.78
BCA	2348	ORANGELO, Vo	NOTHING COMPARES	CB17	BCA	BCA	1.78
BCA	2349	PEPINO, Wo	ONE NIGHT IN BANGKOK	CB17	BCA	BCA	1.78
BCA	2350	QUEENSLAND, Xo	PASS THE DUTCHIE	CB17	BCA	BCA	1.78
BCA	2351	RUKAM, Yo	RIVERS OF BABYLON	CB17	BCA	BCA	1.78
BCA	2352	SAPODILLA, Zo	SAILING AWAY	CB17	BCA	BCA	1.78
BCA	2353	TUNA, Ap	TAINTED LOVE	CB17	BCA	BCA	1.78
BCA	2354	UMKOKOLO, Bp	UNDER THE BRIDGE	CB17	BCA	BCA	1.78
BCA	2355	VELVET TAMARIND, Cp	VIENNA	CB17	BCA	BCA	1.78
BCA	2356	WATERMELON, Dp	WALKING ON SUNSHINE	CB17	BCA	BCA	1.78
BCA	2357	XIQUE, Ep	YOUNG GIFTED AND BLACK	CB17	BCA	BCA	1.78
BCA	2358	YELLOW PLUM, Fp	ZAMBESI	CB17	BCA	BCA	1.78
BCA	2359	ZAPOTE, Gp	ALL OR NOTHING	CB17	BCA	BCA	1.78
BCA	2360	ARAZA, Hp	BABY COME BACK	CB17	BCA	BCA	1.78
BCA	2361	BIGNAY, Ip	CAROLINE	CB17	BCA	BCA	1.78
BCA	2362	CAPULIN, Jp	DO WAH DIDDY	CB17	BCA	BCA	1.78
BCA	2363	DUKU, Kp	ENOLA GAY	CB17	BCA	BCA	1.78
BCA	2364	ETROG, Lp	FOREVER IN BLUE JEANS	CB17	BCA	BCA	1.78
BCA	2365	GAMBOGE, Mp	GIVE IT UP	CB17	BCA	BCA	1.78
BCA	2366	HAW, Np	HOUSE OF THE RISING SUN	CB17	BCA	BCA	1.78
BCA	2367	ILAMILLA, Op	ITSY BITSY	CB17	BCA	BCA	1.78
BCA	2368	JAMBOLAN, Pp	JUST WALKING IN THE RAIN	CB17	BCA	BCA	1.78
BCA	2369	KOKUM, Qp	KISS YOU ALL OVER	CB17	BCA	BCA	1.78
BCA	2370	LAKOOCHA, Rp	LET'S TWIST AGAIN	CB17	BCA	BCA	1.78
BCA	2371	MUSCADINE, Sp	MIDDLE OF THE ROAD	CB17	BCA	BCA	1.78
BCA	2372	NEEM, Tp	NUT ROCKER	CB17	BCA	BCA	1.78
BCA	2373	OCHNA, Up	OUT OF TIME	CB17	BCA	BCA	1.78
BCA	2374	PIKI, Vp	POISON IVY	CB17	BCA	BCA	1.78
BCA	2375	QUARA, Wp	RAINBOW VALLEY	CB17	BCA	BCA	1.78
BCA	2376	ROSELLE, Xp	SOOLAIMON	CB17	BCA	BCA	1.78
BCA	2377	SAPOTE, Yp	THE BOXER	CB17	BCA	BCA	1.78
BCA	2378	TALISAY, Zp	UP AROUND THE BEND	CB17	BCA	BCA	1.78
BCA	2379	UCUUBA, Aq	VAYA CON DIOS	CB17	BCA	BCA	1.78
BCA	2380	VOACANGA, Bq	WHAT A WONDERFUL WORLD	CB17	BCA	BCA	1.78
BCA	2381	WAX JAMBU, Cq	YESTER-ME YESTER-YOU	CB17	BCA	BCA	1.78
BCA	2382	YELLOW MOMBIN, Dq	ZIP CODE	CB17	BCA	BCA	1.78
BCA	2383	ZIG ZAG, Eq	ALONE AGAIN	CB17	BCA	BCA	1.78
BCA	2384	AMLA, Fq	BLOCKBUSTER	CB17	BCA	BCA	1.78
BCA	2385	BAEL, Gq	CHIRPY CHIRPY CHEEP	CB17	BCA	BCA	1.78
BCA	2386	CHICO, Hq	DOCTOR'S ORDERS	CB17	BCA	BCA	1.78
BCA	2387	DAMSON PLUM, Iq	EASY	CB17	BCA	BCA	1.78
BCA	2388	EMU APPLE, Jq	FLOWERS IN THE RAIN	CB17	BCA	BCA	1.78
BCA	2389	GUAYABO, Kq	GOOD OLD ROCK N ROLL	CB17	BCA	BCA	1.78
BCA	2390	HACKBERRY, Lq	HOORAY HOORAY	CB17	BCA	BCA	1.78
BCA	2391	INDIAN FIG, Mq	I'D LIKE TO TEACH	CB17	BCA	BCA	1.78
BCA	2392	JAVA PLUM, Nq	JEEPSTER	CB17	BCA	BCA	1.78
BCA	2393	KAFFIR LIME, Oq	KUNG FU FIGHTING	CB17	BCA	BCA	1.78
BCA	2394	LEMON ASPEN, Pq	LITTLE BIT ME	CB17	BCA	BCA	1.78
BCA	2395	MIDDLE OF THE ROAD	BOTTOMS UP	CB17	BCA	BCA	1.78
BCA	2396	NATAL PLUM, Rq	NEVER MY LOVE	CB17	BCA	BCA	1.78
BCA	2397	OCEAN SPRAY, Sq	OCHI CHORNYA	CB17	BCA	BCA	1.78
